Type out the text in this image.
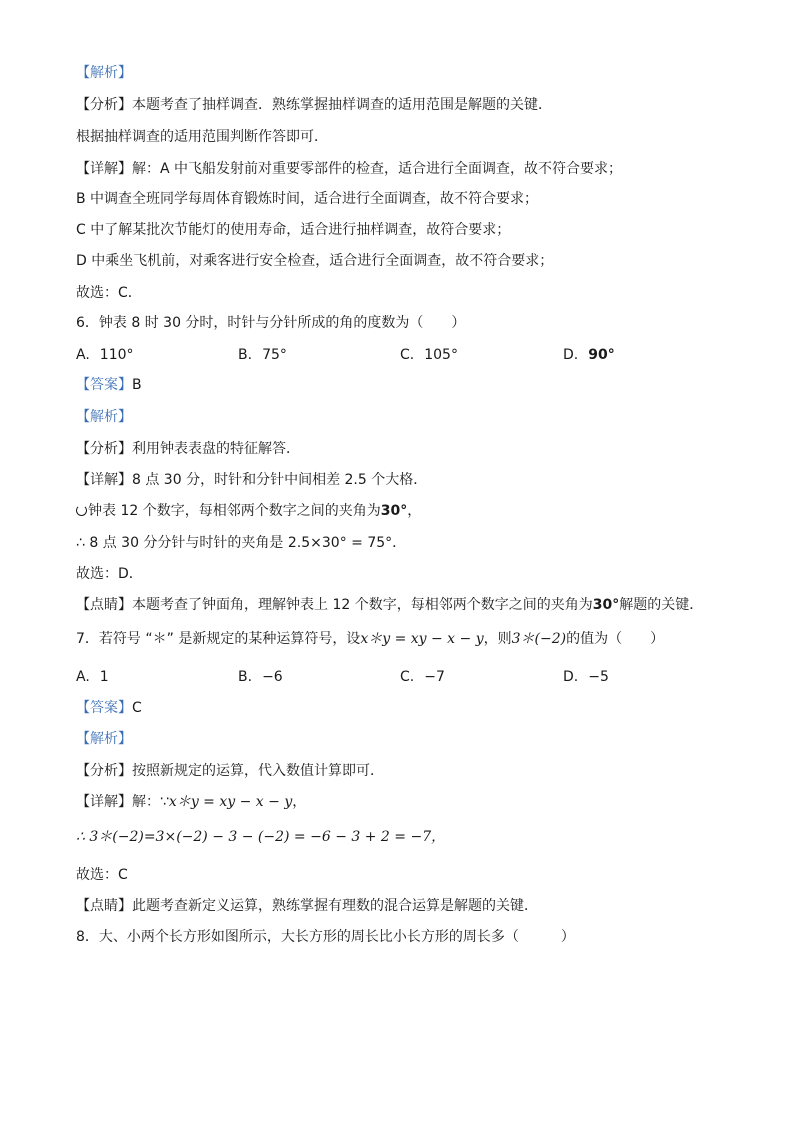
【解析】
【分析】本题考查了抽样调查．熟练掌握抽样调查的适用范围是解题的关键．
根据抽样调查的适用范围判断作答即可．
【详解】解：A 中飞船发射前对重要零部件的检查，适合进行全面调查，故不符合要求；
B 中调查全班同学每周体育锻炼时间，适合进行全面调查，故不符合要求；
C 中了解某批次节能灯的使用寿命，适合进行抽样调查，故符合要求；
D 中乘坐飞机前，对乘客进行安全检查，适合进行全面调查，故不符合要求；
故选：C．
6．钟表 8 时 30 分时，时针与分针所成的角的度数为（　　）
A. 110°	B. 75°	C. 105°	D. 90°
【答案】B
【解析】
【分析】利用钟表表盘的特征解答．
【详解】8 点 30 分，时针和分针中间相差 2.5 个大格．
钟表 12 个数字，每相邻两个数字之间的夹角为30°，
∴ 8 点 30 分分针与时针的夹角是 2.5×30° = 75°．
故选：D．
【点睛】本题考查了钟面角，理解钟表上 12 个数字，每相邻两个数字之间的夹角为30°解题的关键．
7．若符号 “＊” 是新规定的某种运算符号，设x＊y = xy − x − y，则3＊(−2)的值为（　　）
A. 1	B. −6	C. −7	D. −5
【答案】C
【解析】
【分析】按照新规定的运算，代入数值计算即可．
【详解】解：∵x＊y = xy − x − y，
∴ 3＊(−2)=3×(−2) − 3 − (−2) = −6 − 3 + 2 = −7，
故选：C
【点睛】此题考查新定义运算，熟练掌握有理数的混合运算是解题的关键．
8．大、小两个长方形如图所示，大长方形的周长比小长方形的周长多（　　　）
